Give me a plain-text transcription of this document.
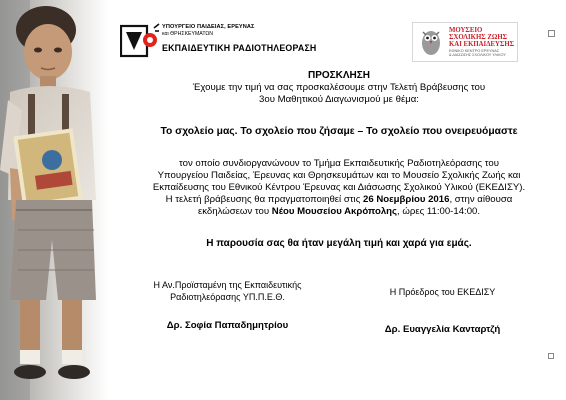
ΥΠΟΥΡΓΕΙΟ ΠΑΙΔΕΙΑΣ, ΕΡΕΥΝΑΣ
και ΘΡΗΣΚΕΥΜΑΤΩΝ
ΕΚΠΑΙΔΕΥΤΙΚΗ ΡΑΔΙΟΤΗΛΕΟΡΑΣΗ
ΜΟΥΣΕΙΟ
ΣΧΟΛΙΚΗΣ ΖΩΗΣ
ΚΑΙ ΕΚΠΑΙΔΕΥΣΗΣ
ΕΘΝΙΚΟ ΚΕΝΤΡΟ ΕΡΕΥΝΑΣ
& ΔΙΑΣΩΣΗΣ ΣΧΟΛΙΚΟΥ ΥΛΙΚΟΥ
ΠΡΟΣΚΛΗΣΗ
Έχουμε την τιμή να σας προσκαλέσουμε στην Τελετή Βράβευσης του
3ου Μαθητικού Διαγωνισμού με θέμα:
Το σχολείο μας. Το σχολείο που ζήσαμε – Το σχολείο που ονειρευόμαστε
τον οποίο συνδιοργανώνουν το Τμήμα Εκπαιδευτικής Ραδιοτηλεόρασης του
Υπουργείου Παιδείας, Έρευνας και Θρησκευμάτων και το Μουσείο Σχολικής Ζωής και
Εκπαίδευσης του Εθνικού Κέντρου Έρευνας και Διάσωσης Σχολικού Υλικού (ΕΚΕΔΙΣΥ).
Η τελετή βράβευσης θα πραγματοποιηθεί στις 26 Νοεμβρίου 2016, στην αίθουσα
εκδηλώσεων του Νέου Μουσείου Ακρόπολης, ώρες 11:00-14:00.
Η παρουσία σας θα ήταν μεγάλη τιμή και χαρά για εμάς.
Η Αν.Προϊσταμένη της Εκπαιδευτικής
Ραδιοτηλεόρασης ΥΠ.Π.Ε.Θ.
Δρ. Σοφία Παπαδημητρίου
Η Πρόεδρος του ΕΚΕΔΙΣΥ
Δρ. Ευαγγελία Κανταρτζή
